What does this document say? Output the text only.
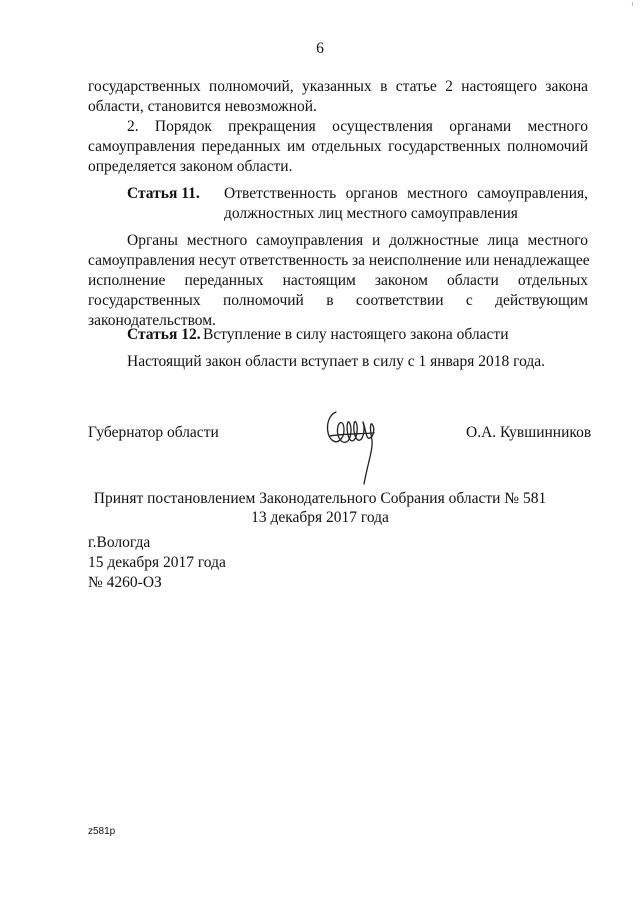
¹
6
государственных полномочий, указанных в статье 2 настоящего закона
области, становится невозможной.
2. Порядок прекращения осуществления органами местного
самоуправления переданных им отдельных государственных полномочий
определяется законом области.
Статья 11. Ответственность органов местного самоуправления,
должностных лиц местного самоуправления
Органы местного самоуправления и должностные лица местного
самоуправления несут ответственность за неисполнение или ненадлежащее
исполнение переданных настоящим законом области отдельных
государственных полномочий в соответствии с действующим
законодательством.
Статья 12. Вступление в силу настоящего закона области
Настоящий закон области вступает в силу с 1 января 2018 года.
Губернатор области	О.А. Кувшинников
Принят постановлением Законодательного Собрания области № 581
13 декабря 2017 года
г.Вологда
15 декабря 2017 года
№ 4260-ОЗ
z581p
